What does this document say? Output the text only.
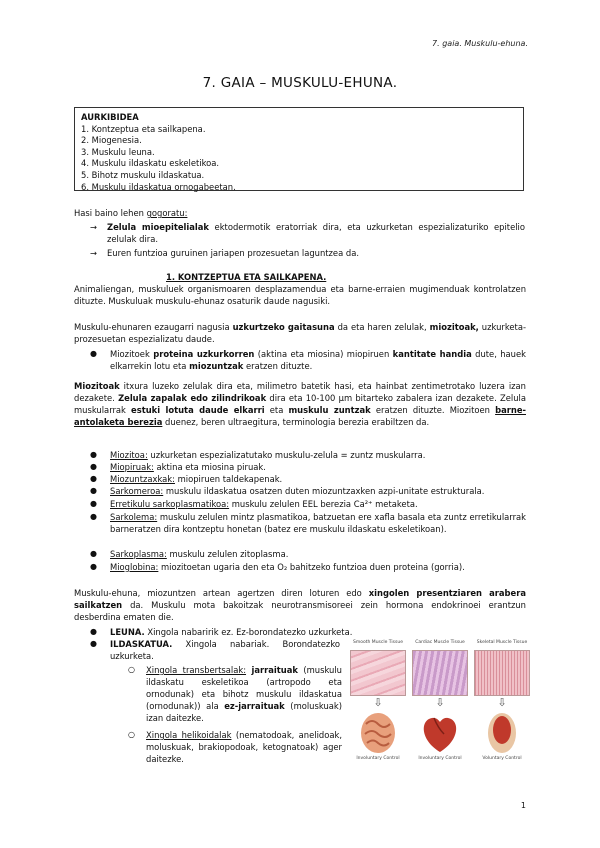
7. gaia. Muskulu-ehuna.
7. GAIA – MUSKULU-EHUNA.
AURKIBIDEA
1. Kontzeptua eta sailkapena.
2. Miogenesia.
3. Muskulu leuna.
4. Muskulu ildaskatu eskeletikoa.
5. Bihotz muskulu ildaskatua.
6. Muskulu ildaskatua ornogabeetan.
Hasi baino lehen gogoratu:
→ Zelula mioepitelialak ektodermotik eratorriak dira, eta uzkurketan espezializaturiko epitelio zelulak dira.
→ Euren funtzioa guruinen jariapen prozesuetan laguntzea da.
1. KONTZEPTUA ETA SAILKAPENA.
Animaliengan, muskuluek organismoaren desplazamendua eta barne-erraien mugimenduak kontrolatzen dituzte. Muskuluak muskulu-ehunaz osaturik daude nagusiki.
Muskulu-ehunaren ezaugarri nagusia uzkurtzeko gaitasuna da eta haren zelulak, miozitoak, uzkurketa-prozesuetan espezializatu daude.
● Miozitoek proteina uzkurkorren (aktina eta miosina) miopiruen kantitate handia dute, hauek elkarrekin lotu eta miozuntzak eratzen dituzte.
Miozitoak itxura luzeko zelulak dira eta, milimetro batetik hasi, eta hainbat zentimetrotako luzera izan dezakete. Zelula zapalak edo zilindrikoak dira eta 10-100 µm bitarteko zabalera izan dezakete. Zelula muskularrak estuki lotuta daude elkarri eta muskulu zuntzak eratzen dituzte. Miozitoen barne-antolaketa berezia duenez, beren ultraegitura, terminologia berezia erabiltzen da.
● Miozitoa: uzkurketan espezializatutako muskulu-zelula = zuntz muskularra.
● Miopiruak: aktina eta miosina piruak.
● Miozuntzaxkak: miopiruen taldekapenak.
● Sarkomeroa: muskulu ildaskatua osatzen duten miozuntzaxken azpi-unitate estrukturala.
● Erretikulu sarkoplasmatikoa: muskulu zelulen EEL berezia Ca²⁺ metaketa.
● Sarkolema: muskulu zelulen mintz plasmatikoa, batzuetan ere xafla basala eta zuntz erretikularrak barneratzen dira kontzeptu honetan (batez ere muskulu ildaskatu eskeletikoan).
● Sarkoplasma: muskulu zelulen zitoplasma.
● Mioglobina: miozitoetan ugaria den eta O₂ bahitzeko funtzioa duen proteina (gorria).
Muskulu-ehuna, miozuntzen artean agertzen diren loturen edo xingolen presentziaren arabera sailkatzen da. Muskulu mota bakoitzak neurotransmisoreei zein hormona endokrinoei erantzun desberdina ematen die.
● LEUNA. Xingola nabaririk ez. Ez-borondatezko uzkurketa.
● ILDASKATUA. Xingola nabariak. Borondatezko uzkurketa.
○ Xingola transbertsalak: jarraituak (muskulu ildaskatu eskeletikoa (artropodo eta ornodunak) eta bihotz muskulu ildaskatua (ornodunak)) ala ez-jarraituak (moluskuak) izan daitezke.
○ Xingola helikoidalak (nematodoak, anelidoak, moluskuak, brakiopodoak, ketognatoak) ager daitezke.
Smooth Muscle Tissue
⇩
Involuntary Control
Cardiac Muscle Tissue
⇩
Involuntary Control
Skeletal Muscle Tissue
⇩
Voluntary Control
1
